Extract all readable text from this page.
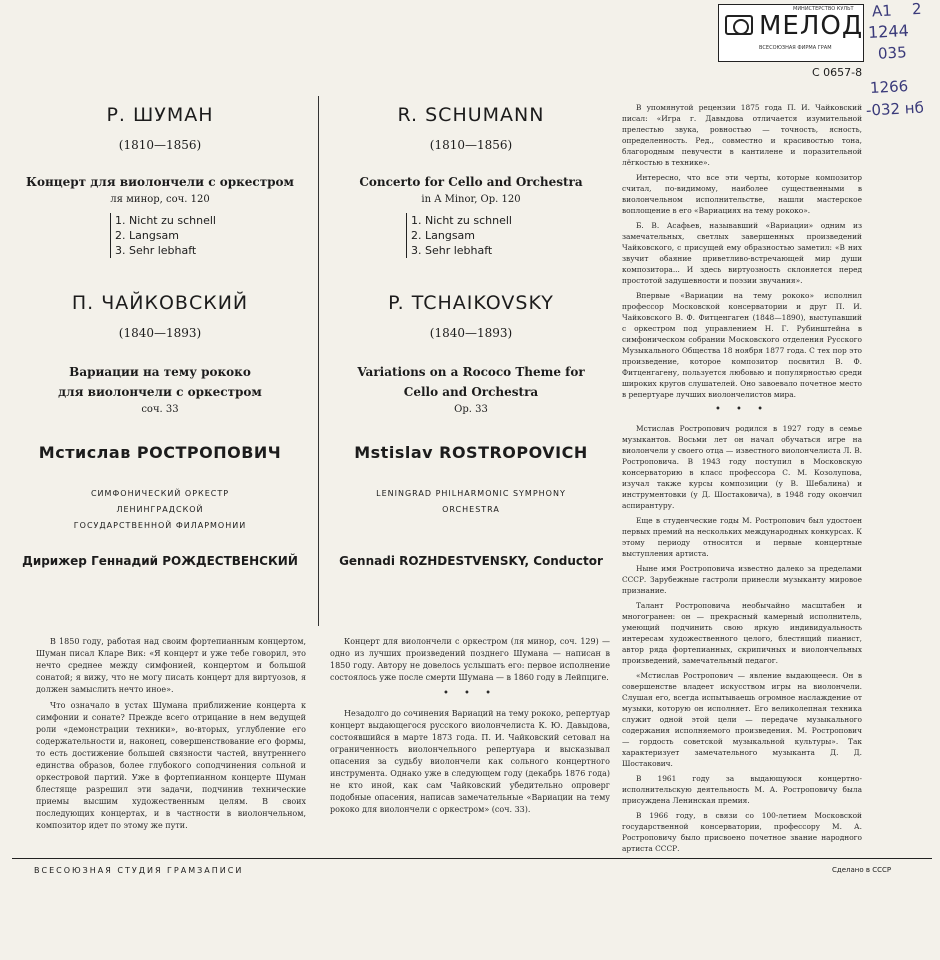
МИНИСТЕРСТВО КУЛЬТ
МЕЛОД
ВСЕСОЮЗНАЯ ФИРМА ГРАМ
А1 2
1244
035
1266
-032 нб
С 0657-8
Р. ШУМАН
(1810—1856)
Концерт для виолончели с оркестром
ля минор, соч. 120
1. Nicht zu schnell
2. Langsam
3. Sehr lebhaft
П. ЧАЙКОВСКИЙ
(1840—1893)
Вариации на тему рококо
для виолончели с оркестром
соч. 33
Мстислав РОСТРОПОВИЧ
СИМФОНИЧЕСКИЙ ОРКЕСТР
ЛЕНИНГРАДСКОЙ
ГОСУДАРСТВЕННОЙ ФИЛАРМОНИИ
Дирижер Геннадий РОЖДЕСТВЕНСКИЙ
R. SCHUMANN
(1810—1856)
Concerto for Cello and Orchestra
in A Minor, Op. 120
1. Nicht zu schnell
2. Langsam
3. Sehr lebhaft
P. TCHAIKOVSKY
(1840—1893)
Variations on a Rococo Theme for
Cello and Orchestra
Op. 33
Mstislav ROSTROPOVICH
LENINGRAD PHILHARMONIC SYMPHONY
ORCHESTRA
Gennadi ROZHDESTVENSKY, Conductor

В 1850 году, работая над своим фортепианным концертом, Шуман писал Кларе Вик: «Я концерт и уже тебе говорил, это нечто среднее между симфонией, концертом и большой сонатой; я вижу, что не могу писать концерт для виртуозов, я должен замыслить нечто иное».

Что означало в устах Шумана приближение концерта к симфонии и сонате? Прежде всего отрицание в нем ведущей роли «демонстрации техники», во-вторых, углубление его содержательности и, наконец, совершенствование его формы, то есть достижение большей связности частей, внутреннего единства образов, более глубокого соподчинения сольной и оркестровой партий. Уже в фортепианном концерте Шуман блестяще разрешил эти задачи, подчинив технические приемы высшим художественным целям. В своих последующих концертах, и в частности в виолончельном, композитор идет по этому же пути.

Концерт для виолончели с оркестром (ля минор, соч. 129) — одно из лучших произведений позднего Шумана — написан в 1850 году. Автору не довелось услышать его: первое исполнение состоялось уже после смерти Шумана — в 1860 году в Лейпциге.

• • •

Незадолго до сочинения Вариаций на тему рококо, репертуар концерт выдающегося русского виолончелиста К. Ю. Давыдова, состоявшийся в марте 1873 года. П. И. Чайковский сетовал на ограниченность виолончельного репертуара и высказывал опасения за судьбу виолончели как сольного концертного инструмента. Однако уже в следующем году (декабрь 1876 года) не кто иной, как сам Чайковский убедительно опроверг подобные опасения, написав замечательные «Вариации на тему рококо для виолончели с оркестром» (соч. 33).

В упомянутой рецензии 1875 года П. И. Чайковский писал: «Игра г. Давыдова отличается изумительной прелестью звука, ровностью — точность, ясность, определенность. Ред., совместно и красивостью тона, благородным певучести в кантилене и поразительной лёгкостью в технике».

Интересно, что все эти черты, которые композитор считал, по-видимому, наиболее существенными в виолончельном исполнительстве, нашли мастерское воплощение в его «Вариациях на тему рококо».

Б. В. Асафьев, называвший «Вариации» одним из замечательных, светлых завершенных произведений Чайковского, с присущей ему образностью заметил: «В них звучит обаяние приветливо-встречающей мир души композитора... И здесь виртуозность склоняется перед простотой задушевности и поэзии звучания».

Впервые «Вариации на тему рококо» исполнил профессор Московской консерватории и друг П. И. Чайковского В. Ф. Фитценгаген (1848—1890), выступавший с оркестром под управлением Н. Г. Рубинштейна в симфоническом собрании Московского отделения Русского Музыкального Общества 18 ноября 1877 года. С тех пор это произведение, которое композитор посвятил В. Ф. Фитценгагену, пользуется любовью и популярностью среди широких кругов слушателей. Оно завоевало почетное место в репертуаре лучших виолончелистов мира.

• • •

Мстислав Ростропович родился в 1927 году в семье музыкантов. Восьми лет он начал обучаться игре на виолончели у своего отца — известного виолончелиста Л. В. Ростроповича. В 1943 году поступил в Московскую консерваторию в класс профессора С. М. Козолупова, изучал также курсы композиции (у В. Шебалина) и инструментовки (у Д. Шостаковича), в 1948 году окончил аспирантуру.

Еще в студенческие годы М. Ростропович был удостоен первых премий на нескольких международных конкурсах. К этому периоду относятся и первые концертные выступления артиста.

Ныне имя Ростроповича известно далеко за пределами СССР. Зарубежные гастроли принесли музыканту мировое признание.

Талант Ростроповича необычайно масштабен и многогранен: он — прекрасный камерный исполнитель, умеющий подчинить свою яркую индивидуальность интересам художественного целого, блестящий пианист, автор ряда фортепианных, скрипичных и виолончельных произведений, замечательный педагог.

«Мстислав Ростропович — явление выдающееся. Он в совершенстве владеет искусством игры на виолончели. Слушая его, всегда испытываешь огромное наслаждение от музыки, которую он исполняет. Его великолепная техника служит одной этой цели — передаче музыкального содержания исполняемого произведения. М. Ростропович — гордость советской музыкальной культуры». Так характеризует замечательного музыканта Д. Д. Шостакович.

В 1961 году за выдающуюся концертно-исполнительскую деятельность М. А. Ростроповичу была присуждена Ленинская премия.

В 1966 году, в связи со 100-летием Московской государственной консерватории, профессору М. А. Ростроповичу было присвоено почетное звание народного артиста СССР.

ВСЕСОЮЗНАЯ СТУДИЯ ГРАМЗАПИСИ	Сделано в СССР
